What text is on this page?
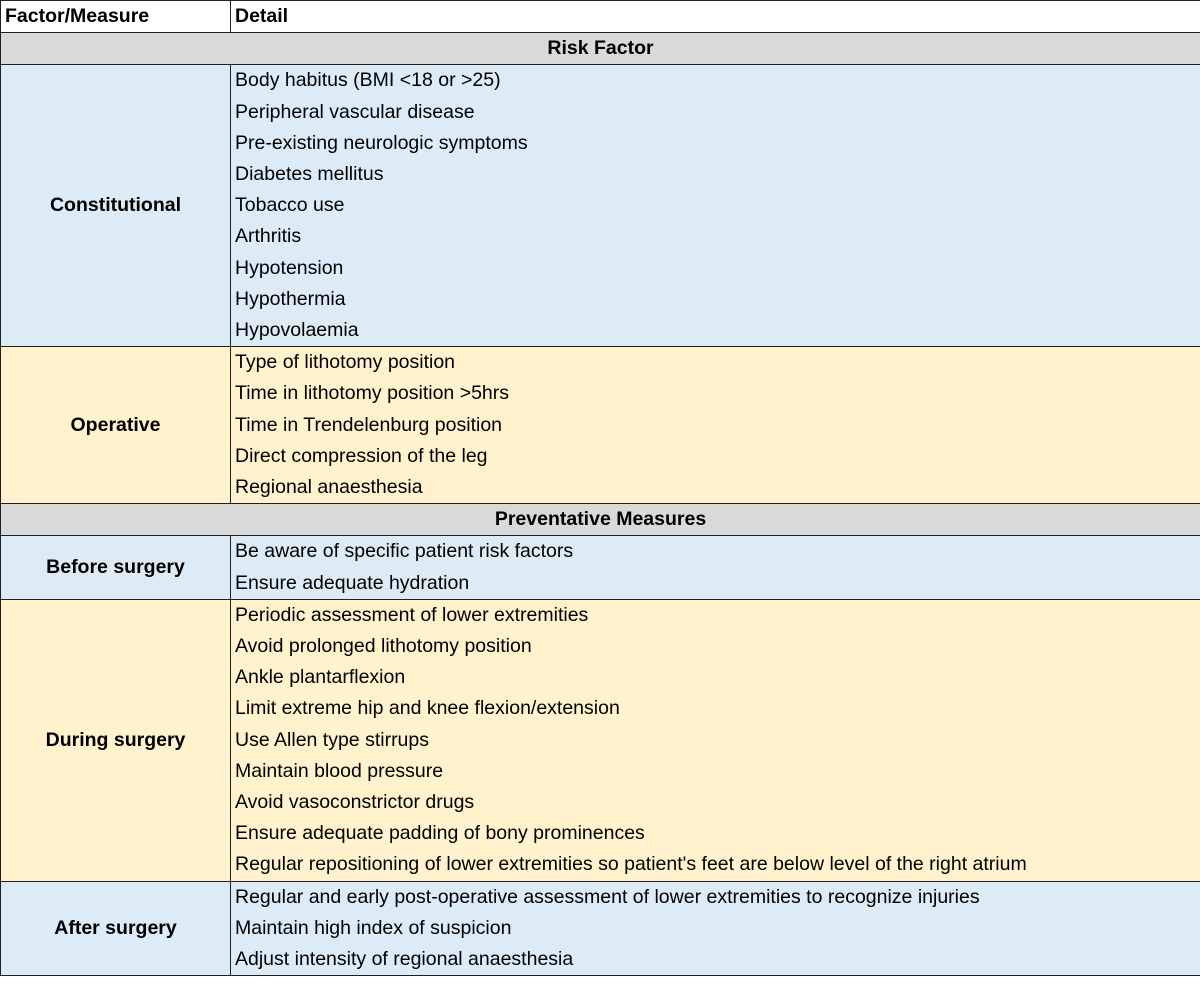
Factor/Measure	Detail
Risk Factor	
Constitutional	Body habitus (BMI <18 or >25)
	Peripheral vascular disease
	Pre-existing neurologic symptoms
	Diabetes mellitus
	Tobacco use
	Arthritis
	Hypotension
	Hypothermia
	Hypovolaemia
Operative	Type of lithotomy position
	Time in lithotomy position >5hrs
	Time in Trendelenburg position
	Direct compression of the leg
	Regional anaesthesia
Preventative Measures	
Before surgery	Be aware of specific patient risk factors
	Ensure adequate hydration
During surgery	Periodic assessment of lower extremities
	Avoid prolonged lithotomy position
	Ankle plantarflexion
	Limit extreme hip and knee flexion/extension
	Use Allen type stirrups
	Maintain blood pressure
	Avoid vasoconstrictor drugs
	Ensure adequate padding of bony prominences
	Regular repositioning of lower extremities so patient's feet are below level of the right atrium
After surgery	Regular and early post-operative assessment of lower extremities to recognize injuries
	Maintain high index of suspicion
	Adjust intensity of regional anaesthesia
